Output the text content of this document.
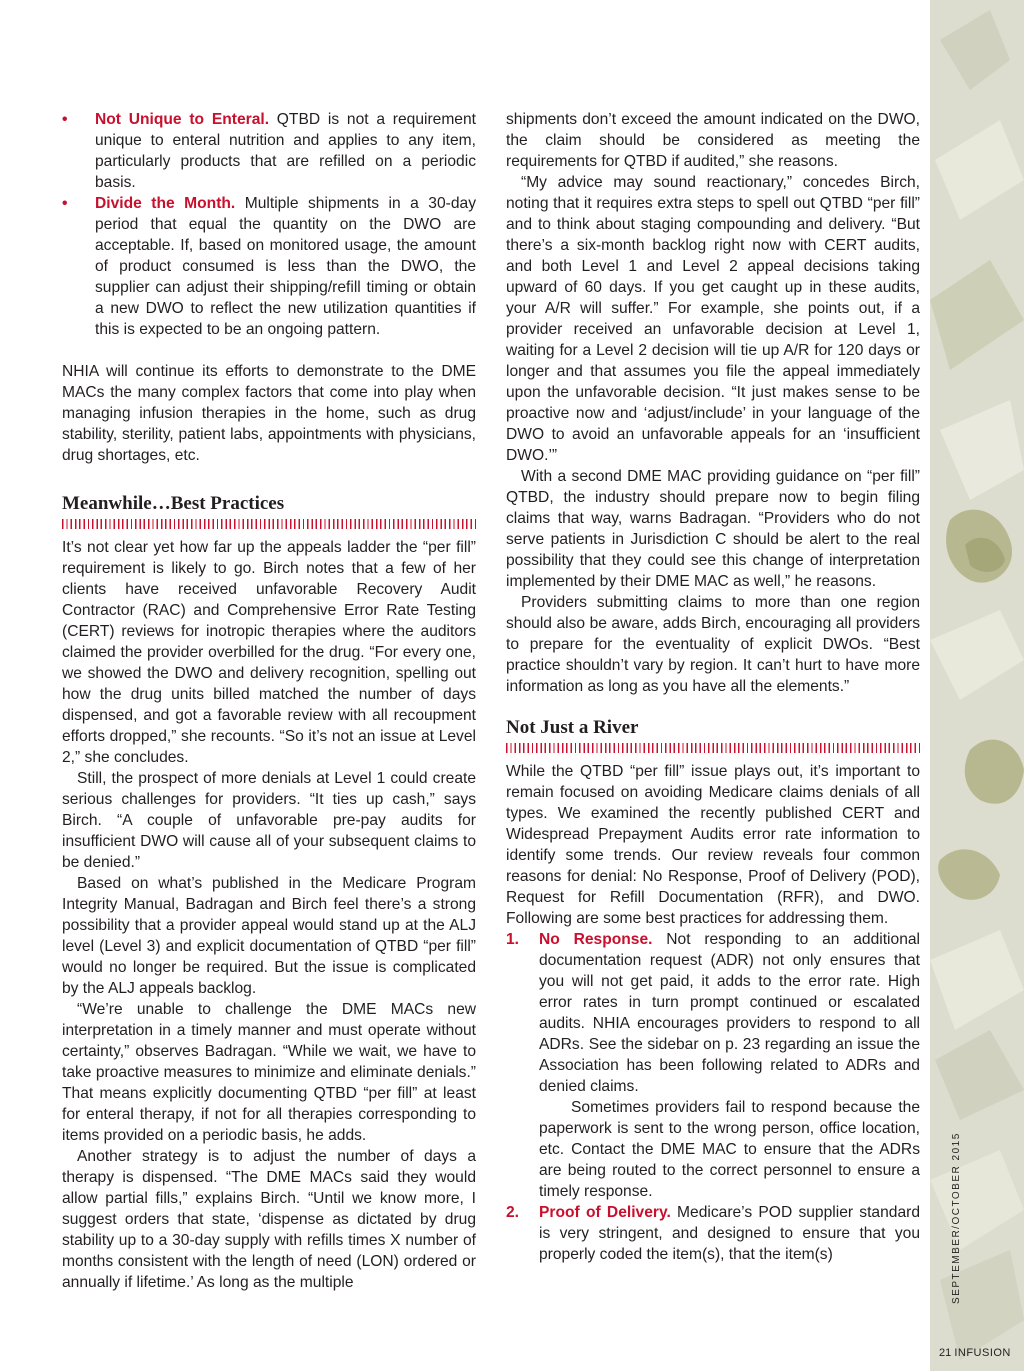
• Not Unique to Enteral. QTBD is not a requirement unique to enteral nutrition and applies to any item, particularly products that are refilled on a periodic basis.
• Divide the Month. Multiple shipments in a 30-day period that equal the quantity on the DWO are acceptable. If, based on monitored usage, the amount of product consumed is less than the DWO, the supplier can adjust their shipping/refill timing or obtain a new DWO to reflect the new utilization quantities if this is expected to be an ongoing pattern.

NHIA will continue its efforts to demonstrate to the DME MACs the many complex factors that come into play when managing infusion therapies in the home, such as drug stability, sterility, patient labs, appointments with physicians, drug shortages, etc.

Meanwhile…Best Practices

It’s not clear yet how far up the appeals ladder the “per fill” requirement is likely to go. Birch notes that a few of her clients have received unfavorable Recovery Audit Contractor (RAC) and Comprehensive Error Rate Testing (CERT) reviews for inotropic therapies where the auditors claimed the provider overbilled for the drug. “For every one, we showed the DWO and delivery recognition, spelling out how the drug units billed matched the number of days dispensed, and got a favorable review with all recoupment efforts dropped,” she recounts. “So it’s not an issue at Level 2,” she concludes.

Still, the prospect of more denials at Level 1 could create serious challenges for providers. “It ties up cash,” says Birch. “A couple of unfavorable pre-pay audits for insufficient DWO will cause all of your subsequent claims to be denied.”

Based on what’s published in the Medicare Program Integrity Manual, Badragan and Birch feel there’s a strong possibility that a provider appeal would stand up at the ALJ level (Level 3) and explicit documentation of QTBD “per fill” would no longer be required. But the issue is complicated by the ALJ appeals backlog.

“We’re unable to challenge the DME MACs new interpretation in a timely manner and must operate without certainty,” observes Badragan. “While we wait, we have to take proactive measures to minimize and eliminate denials.” That means explicitly documenting QTBD “per fill” at least for enteral therapy, if not for all therapies corresponding to items provided on a periodic basis, he adds.

Another strategy is to adjust the number of days a therapy is dispensed. “The DME MACs said they would allow partial fills,” explains Birch. “Until we know more, I suggest orders that state, ‘dispense as dictated by drug stability up to a 30-day supply with refills times X number of months consistent with the length of need (LON) ordered or annually if lifetime.’ As long as the multiple

shipments don’t exceed the amount indicated on the DWO, the claim should be considered as meeting the requirements for QTBD if audited,” she reasons.

“My advice may sound reactionary,” concedes Birch, noting that it requires extra steps to spell out QTBD “per fill” and to think about staging compounding and delivery. “But there’s a six-month backlog right now with CERT audits, and both Level 1 and Level 2 appeal decisions taking upward of 60 days. If you get caught up in these audits, your A/R will suffer.” For example, she points out, if a provider received an unfavorable decision at Level 1, waiting for a Level 2 decision will tie up A/R for 120 days or longer and that assumes you file the appeal immediately upon the unfavorable decision. “It just makes sense to be proactive now and ‘adjust/include’ in your language of the DWO to avoid an unfavorable appeals for an ‘insufficient DWO.’”

With a second DME MAC providing guidance on “per fill” QTBD, the industry should prepare now to begin filing claims that way, warns Badragan. “Providers who do not serve patients in Jurisdiction C should be alert to the real possibility that they could see this change of interpretation implemented by their DME MAC as well,” he reasons.

Providers submitting claims to more than one region should also be aware, adds Birch, encouraging all providers to prepare for the eventuality of explicit DWOs. “Best practice shouldn’t vary by region. It can’t hurt to have more information as long as you have all the elements.”

Not Just a River

While the QTBD “per fill” issue plays out, it’s important to remain focused on avoiding Medicare claims denials of all types. We examined the recently published CERT and Widespread Prepayment Audits error rate information to identify some trends. Our review reveals four common reasons for denial: No Response, Proof of Delivery (POD), Request for Refill Documentation (RFR), and DWO. Following are some best practices for addressing them.

1. No Response. Not responding to an additional documentation request (ADR) not only ensures that you will not get paid, it adds to the error rate. High error rates in turn prompt continued or escalated audits. NHIA encourages providers to respond to all ADRs. See the sidebar on p. 23 regarding an issue the Association has been following related to ADRs and denied claims.

Sometimes providers fail to respond because the paperwork is sent to the wrong person, office location, etc. Contact the DME MAC to ensure that the ADRs are being routed to the correct personnel to ensure a timely response.

2. Proof of Delivery. Medicare’s POD supplier standard is very stringent, and designed to ensure that you properly coded the item(s), that the item(s)	SEPTEMBER/OCTOBER 2015
21 INFUSION
